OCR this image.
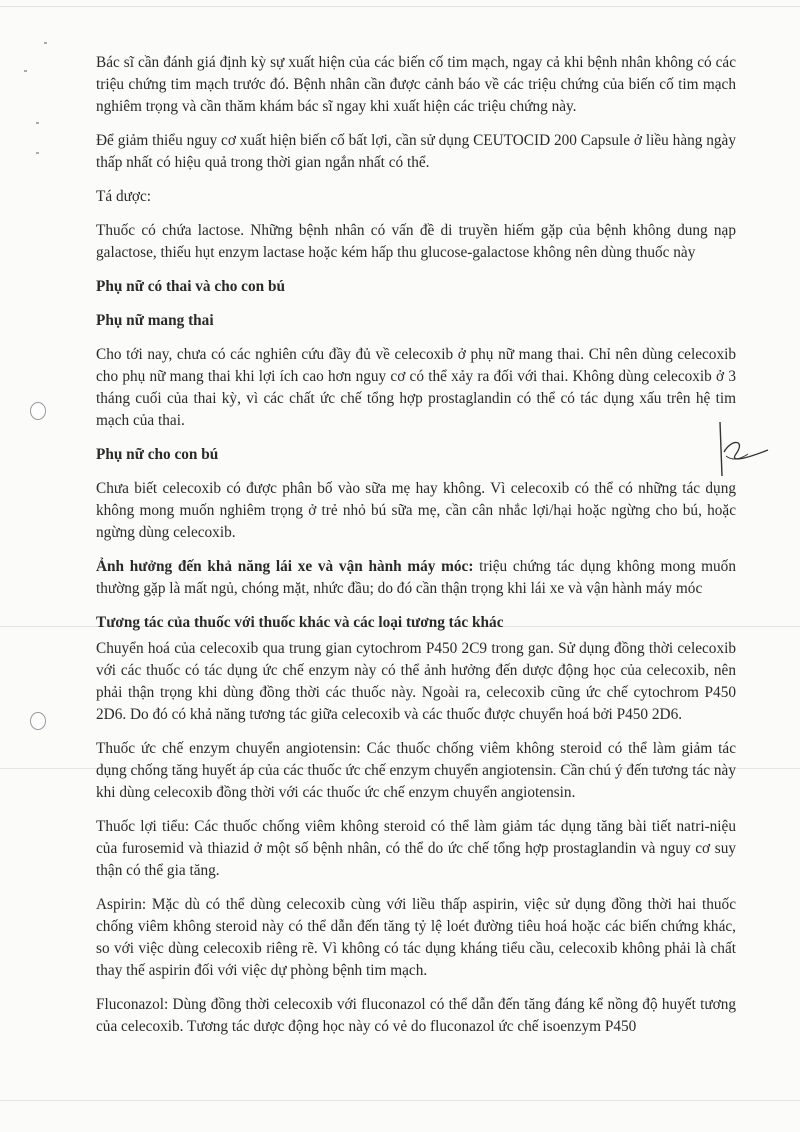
Bác sĩ cần đánh giá định kỳ sự xuất hiện của các biến cố tim mạch, ngay cả khi bệnh nhân không có các triệu chứng tim mạch trước đó. Bệnh nhân cần được cảnh báo về các triệu chứng của biến cố tim mạch nghiêm trọng và cần thăm khám bác sĩ ngay khi xuất hiện các triệu chứng này.

Để giảm thiểu nguy cơ xuất hiện biến cố bất lợi, cần sử dụng CEUTOCID 200 Capsule ở liều hàng ngày thấp nhất có hiệu quả trong thời gian ngắn nhất có thể.

Tá dược:

Thuốc có chứa lactose. Những bệnh nhân có vấn đề di truyền hiếm gặp của bệnh không dung nạp galactose, thiếu hụt enzym lactase hoặc kém hấp thu glucose-galactose không nên dùng thuốc này

Phụ nữ có thai và cho con bú

Phụ nữ mang thai

Cho tới nay, chưa có các nghiên cứu đầy đủ về celecoxib ở phụ nữ mang thai. Chỉ nên dùng celecoxib cho phụ nữ mang thai khi lợi ích cao hơn nguy cơ có thể xảy ra đối với thai. Không dùng celecoxib ở 3 tháng cuối của thai kỳ, vì các chất ức chế tổng hợp prostaglandin có thể có tác dụng xấu trên hệ tim mạch của thai.

Phụ nữ cho con bú

Chưa biết celecoxib có được phân bố vào sữa mẹ hay không. Vì celecoxib có thể có những tác dụng không mong muốn nghiêm trọng ở trẻ nhỏ bú sữa mẹ, cần cân nhắc lợi/hại hoặc ngừng cho bú, hoặc ngừng dùng celecoxib.

Ảnh hưởng đến khả năng lái xe và vận hành máy móc: triệu chứng tác dụng không mong muốn thường gặp là mất ngủ, chóng mặt, nhức đầu; do đó cần thận trọng khi lái xe và vận hành máy móc

Tương tác của thuốc với thuốc khác và các loại tương tác khác

Chuyển hoá của celecoxib qua trung gian cytochrom P450 2C9 trong gan. Sử dụng đồng thời celecoxib với các thuốc có tác dụng ức chế enzym này có thể ảnh hưởng đến dược động học của celecoxib, nên phải thận trọng khi dùng đồng thời các thuốc này. Ngoài ra, celecoxib cũng ức chế cytochrom P450 2D6. Do đó có khả năng tương tác giữa celecoxib và các thuốc được chuyển hoá bởi P450 2D6.

Thuốc ức chế enzym chuyển angiotensin: Các thuốc chống viêm không steroid có thể làm giảm tác dụng chống tăng huyết áp của các thuốc ức chế enzym chuyển angiotensin. Cần chú ý đến tương tác này khi dùng celecoxib đồng thời với các thuốc ức chế enzym chuyển angiotensin.

Thuốc lợi tiểu: Các thuốc chống viêm không steroid có thể làm giảm tác dụng tăng bài tiết natri-niệu của furosemid và thiazid ở một số bệnh nhân, có thể do ức chế tổng hợp prostaglandin và nguy cơ suy thận có thể gia tăng.

Aspirin: Mặc dù có thể dùng celecoxib cùng với liều thấp aspirin, việc sử dụng đồng thời hai thuốc chống viêm không steroid này có thể dẫn đến tăng tỷ lệ loét đường tiêu hoá hoặc các biến chứng khác, so với việc dùng celecoxib riêng rẽ. Vì không có tác dụng kháng tiểu cầu, celecoxib không phải là chất thay thế aspirin đối với việc dự phòng bệnh tim mạch.

Fluconazol: Dùng đồng thời celecoxib với fluconazol có thể dẫn đến tăng đáng kể nồng độ huyết tương của celecoxib. Tương tác dược động học này có vẻ do fluconazol ức chế isoenzym P450
